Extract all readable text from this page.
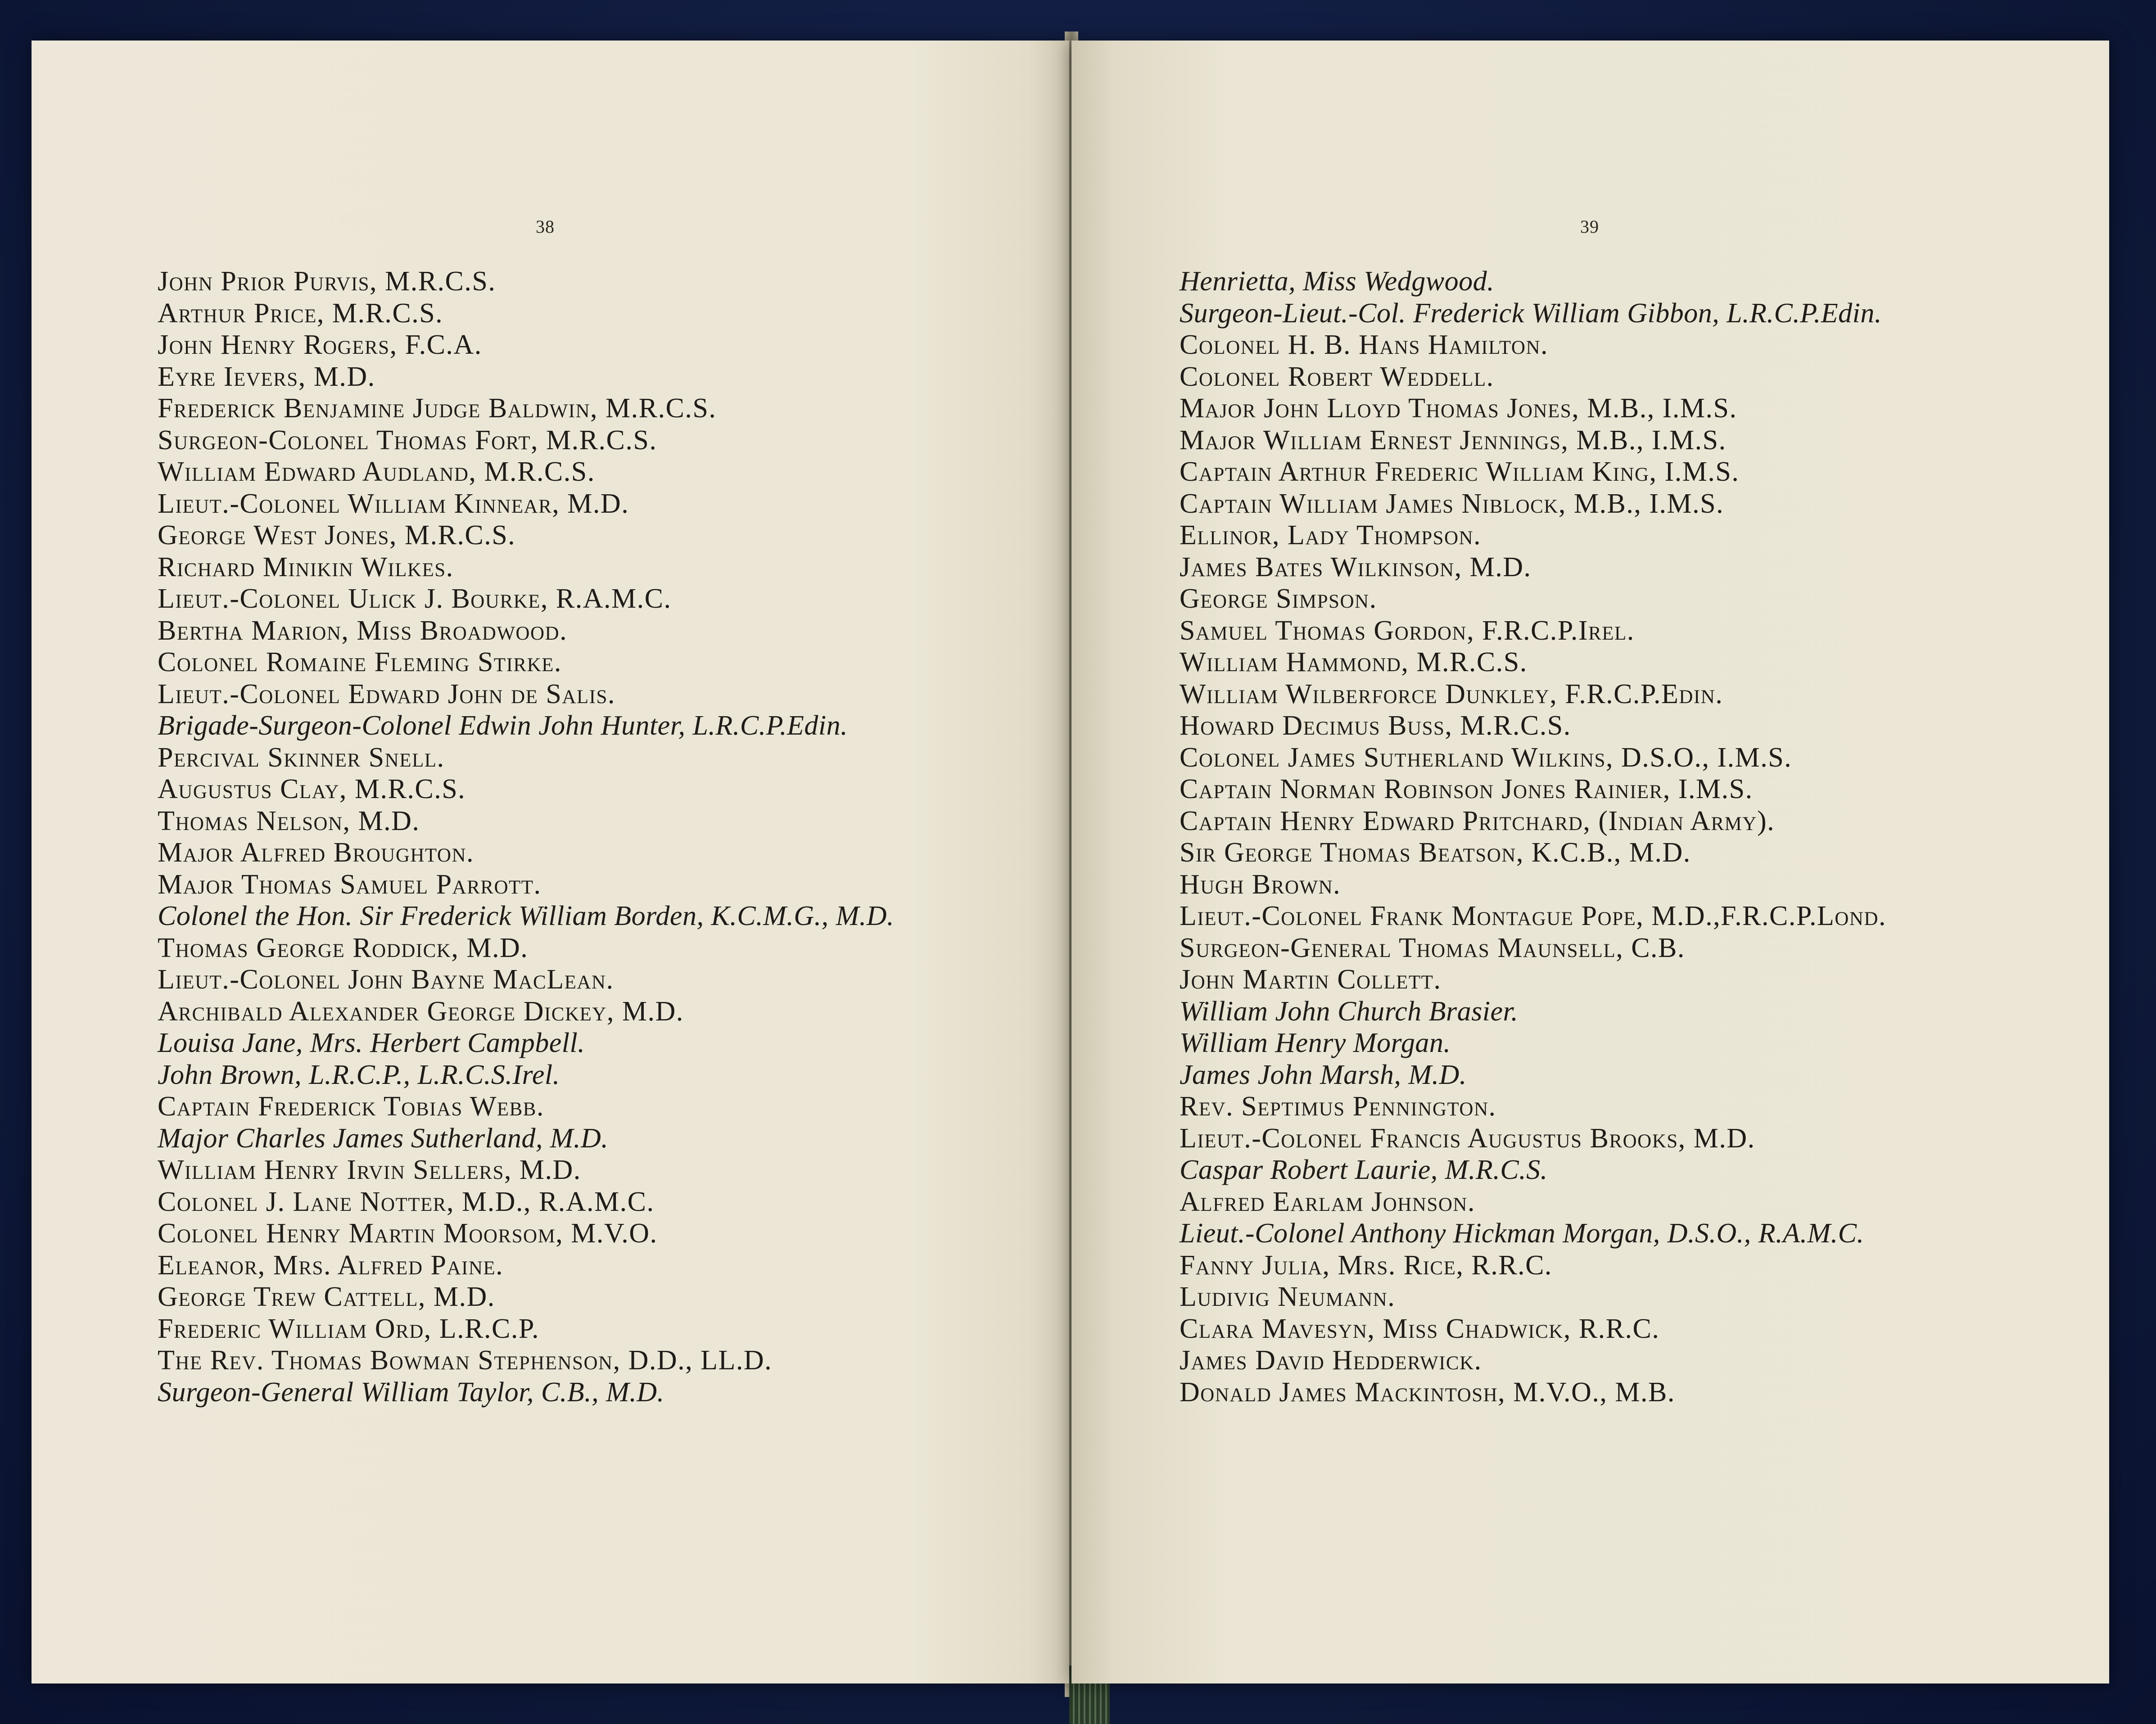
38
John Prior Purvis, M.R.C.S.
Arthur Price, M.R.C.S.
John Henry Rogers, F.C.A.
Eyre Ievers, M.D.
Frederick Benjamine Judge Baldwin, M.R.C.S.
Surgeon-Colonel Thomas Fort, M.R.C.S.
William Edward Audland, M.R.C.S.
Lieut.-Colonel William Kinnear, M.D.
George West Jones, M.R.C.S.
Richard Minikin Wilkes.
Lieut.-Colonel Ulick J. Bourke, R.A.M.C.
Bertha Marion, Miss Broadwood.
Colonel Romaine Fleming Stirke.
Lieut.-Colonel Edward John de Salis.
Brigade-Surgeon-Colonel Edwin John Hunter, L.R.C.P.Edin.
Percival Skinner Snell.
Augustus Clay, M.R.C.S.
Thomas Nelson, M.D.
Major Alfred Broughton.
Major Thomas Samuel Parrott.
Colonel the Hon. Sir Frederick William Borden, K.C.M.G., M.D.
Thomas George Roddick, M.D.
Lieut.-Colonel John Bayne MacLean.
Archibald Alexander George Dickey, M.D.
Louisa Jane, Mrs. Herbert Campbell.
John Brown, L.R.C.P., L.R.C.S.Irel.
Captain Frederick Tobias Webb.
Major Charles James Sutherland, M.D.
William Henry Irvin Sellers, M.D.
Colonel J. Lane Notter, M.D., R.A.M.C.
Colonel Henry Martin Moorsom, M.V.O.
Eleanor, Mrs. Alfred Paine.
George Trew Cattell, M.D.
Frederic William Ord, L.R.C.P.
The Rev. Thomas Bowman Stephenson, D.D., LL.D.
Surgeon-General William Taylor, C.B., M.D.
39
Henrietta, Miss Wedgwood.
Surgeon-Lieut.-Col. Frederick William Gibbon, L.R.C.P.Edin.
Colonel H. B. Hans Hamilton.
Colonel Robert Weddell.
Major John Lloyd Thomas Jones, M.B., I.M.S.
Major William Ernest Jennings, M.B., I.M.S.
Captain Arthur Frederic William King, I.M.S.
Captain William James Niblock, M.B., I.M.S.
Ellinor, Lady Thompson.
James Bates Wilkinson, M.D.
George Simpson.
Samuel Thomas Gordon, F.R.C.P.Irel.
William Hammond, M.R.C.S.
William Wilberforce Dunkley, F.R.C.P.Edin.
Howard Decimus Buss, M.R.C.S.
Colonel James Sutherland Wilkins, D.S.O., I.M.S.
Captain Norman Robinson Jones Rainier, I.M.S.
Captain Henry Edward Pritchard, (Indian Army).
Sir George Thomas Beatson, K.C.B., M.D.
Hugh Brown.
Lieut.-Colonel Frank Montague Pope, M.D.,F.R.C.P.Lond.
Surgeon-General Thomas Maunsell, C.B.
John Martin Collett.
William John Church Brasier.
William Henry Morgan.
James John Marsh, M.D.
Rev. Septimus Pennington.
Lieut.-Colonel Francis Augustus Brooks, M.D.
Caspar Robert Laurie, M.R.C.S.
Alfred Earlam Johnson.
Lieut.-Colonel Anthony Hickman Morgan, D.S.O., R.A.M.C.
Fanny Julia, Mrs. Rice, R.R.C.
Ludivig Neumann.
Clara Mavesyn, Miss Chadwick, R.R.C.
James David Hedderwick.
Donald James Mackintosh, M.V.O., M.B.
